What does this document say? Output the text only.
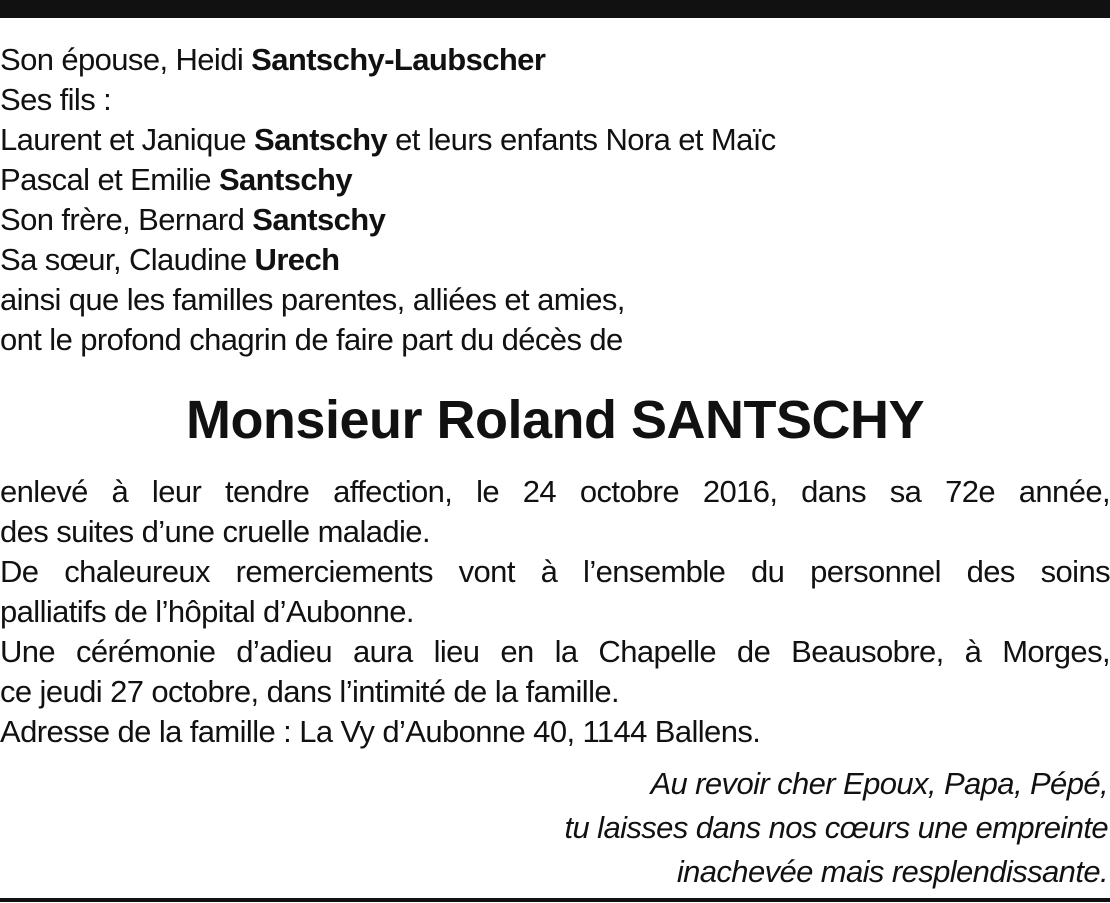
Son épouse, Heidi Santschy-Laubscher
Ses fils :
Laurent et Janique Santschy et leurs enfants Nora et Maïc
Pascal et Emilie Santschy
Son frère, Bernard Santschy
Sa sœur, Claudine Urech
ainsi que les familles parentes, alliées et amies,
ont le profond chagrin de faire part du décès de
Monsieur Roland SANTSCHY
enlevé à leur tendre affection, le 24 octobre 2016, dans sa 72e année,
des suites d’une cruelle maladie.
De chaleureux remerciements vont à l’ensemble du personnel des soins
palliatifs de l’hôpital d’Aubonne.
Une cérémonie d’adieu aura lieu en la Chapelle de Beausobre, à Morges,
ce jeudi 27 octobre, dans l’intimité de la famille.
Adresse de la famille : La Vy d’Aubonne 40, 1144 Ballens.
Au revoir cher Epoux, Papa, Pépé,
tu laisses dans nos cœurs une empreinte
inachevée mais resplendissante.
